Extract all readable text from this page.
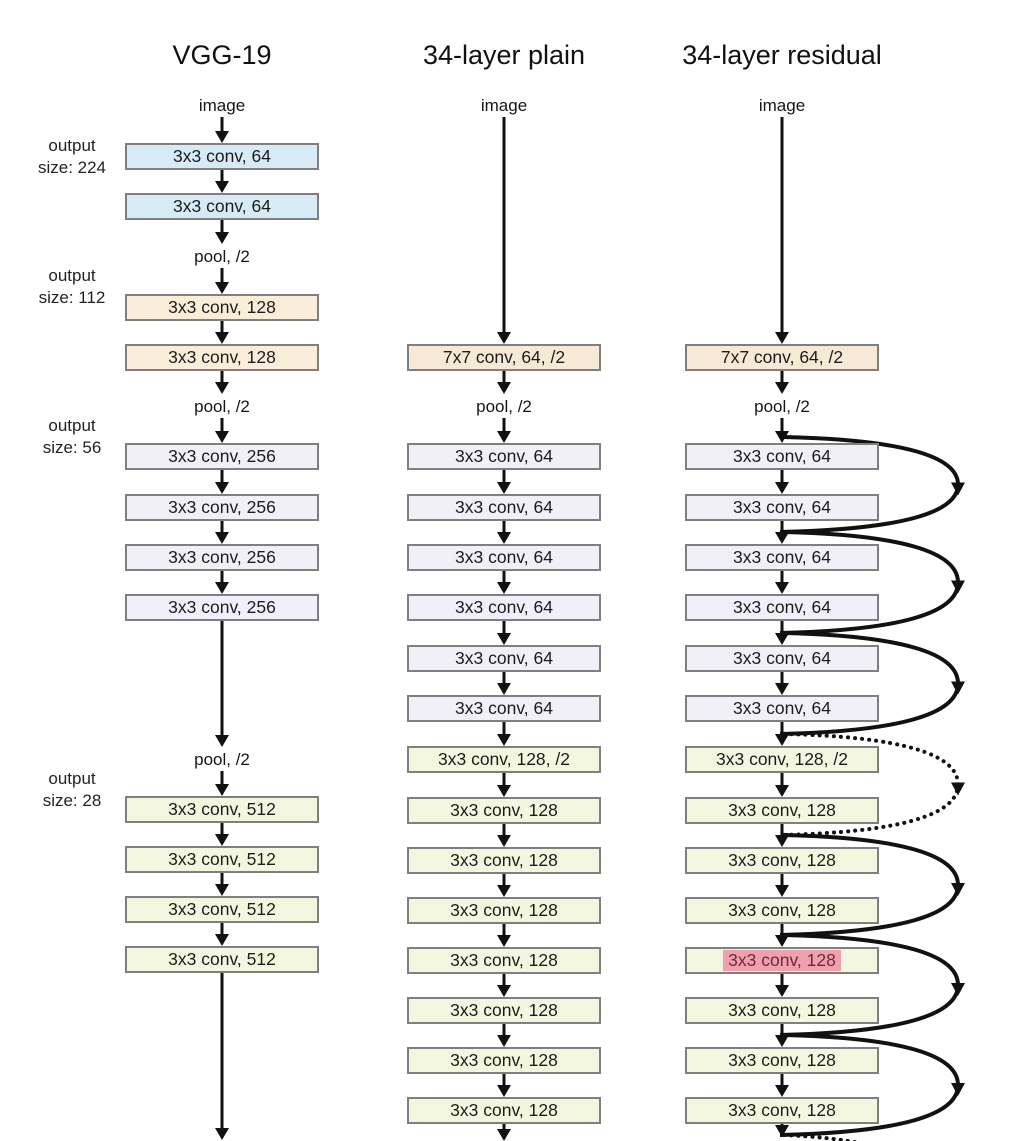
VGG-19
image
3x3 conv, 64
3x3 conv, 64
pool, /2
3x3 conv, 128
3x3 conv, 128
pool, /2
3x3 conv, 256
3x3 conv, 256
3x3 conv, 256
3x3 conv, 256
pool, /2
3x3 conv, 512
3x3 conv, 512
3x3 conv, 512
3x3 conv, 512
34-layer plain
image
7x7 conv, 64, /2
pool, /2
3x3 conv, 64
3x3 conv, 64
3x3 conv, 64
3x3 conv, 64
3x3 conv, 64
3x3 conv, 64
3x3 conv, 128, /2
3x3 conv, 128
3x3 conv, 128
3x3 conv, 128
3x3 conv, 128
3x3 conv, 128
3x3 conv, 128
3x3 conv, 128
34-layer residual
image
7x7 conv, 64, /2
pool, /2
3x3 conv, 64
3x3 conv, 64
3x3 conv, 64
3x3 conv, 64
3x3 conv, 64
3x3 conv, 64
3x3 conv, 128, /2
3x3 conv, 128
3x3 conv, 128
3x3 conv, 128
3x3 conv, 128
3x3 conv, 128
3x3 conv, 128
3x3 conv, 128
output
size: 224
output
size: 112
output
size: 56
output
size: 28
